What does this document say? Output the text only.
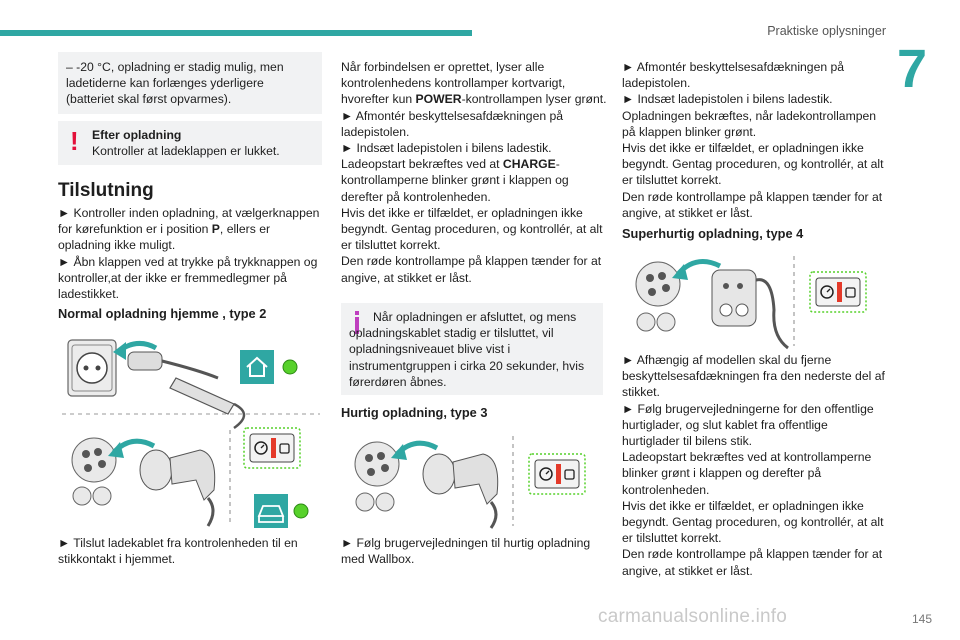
Praktiske oplysninger
7
– -20 °C, opladning er stadig mulig, men ladetiderne kan forlænges yderligere (batteriet skal først opvarmes).
! Efter opladning
Kontroller at ladeklappen er lukket.
Tilslutning

► Kontroller inden opladning, at vælgerknappen for kørefunktion er i position P, ellers er opladning ikke muligt.

► Åbn klappen ved at trykke på trykknappen og kontroller,at der ikke er fremmedlegmer på ladestikket.

Normal opladning hjemme , type 2
► Tilslut ladekablet fra kontrolenheden til en stikkontakt i hjemmet.

Når forbindelsen er oprettet, lyser alle kontrolenhedens kontrollamper kortvarigt, hvorefter kun POWER-kontrollampen lyser grønt.

► Afmontér beskyttelsesafdækningen på ladepistolen.

► Indsæt ladepistolen i bilens ladestik.

Ladeopstart bekræftes ved at CHARGE-kontrollamperne blinker grønt i klappen og derefter på kontrolenheden.

Hvis det ikke er tilfældet, er opladningen ikke begyndt. Gentag proceduren, og kontrollér, at alt er tilsluttet korrekt.

Den røde kontrollampe på klappen tænder for at angive, at stikket er låst.

Når opladningen er afsluttet, og mens opladningskablet stadig er tilsluttet, vil opladningsniveauet blive vist i instrumentgruppen i cirka 20 sekunder, hvis førerdøren åbnes.
Hurtig opladning, type 3
► Følg brugervejledningen til hurtig opladning med Wallbox.

► Afmontér beskyttelsesafdækningen på ladepistolen.

► Indsæt ladepistolen i bilens ladestik.

Opladningen bekræftes, når ladekontrollampen på klappen blinker grønt.

Hvis det ikke er tilfældet, er opladningen ikke begyndt. Gentag proceduren, og kontrollér, at alt er tilsluttet korrekt.

Den røde kontrollampe på klappen tænder for at angive, at stikket er låst.

Superhurtig opladning, type 4

► Afhængig af modellen skal du fjerne beskyttelsesafdækningen fra den nederste del af stikket.

► Følg brugervejledningerne for den offentlige hurtiglader, og slut kablet fra offentlige hurtiglader til bilens stik.

Ladeopstart bekræftes ved at kontrollamperne blinker grønt i klappen og derefter på kontrolenheden.

Hvis det ikke er tilfældet, er opladningen ikke begyndt. Gentag proceduren, og kontrollér, at alt er tilsluttet korrekt.

Den røde kontrollampe på klappen tænder for at angive, at stikket er låst.

carmanualsonline.info	145
